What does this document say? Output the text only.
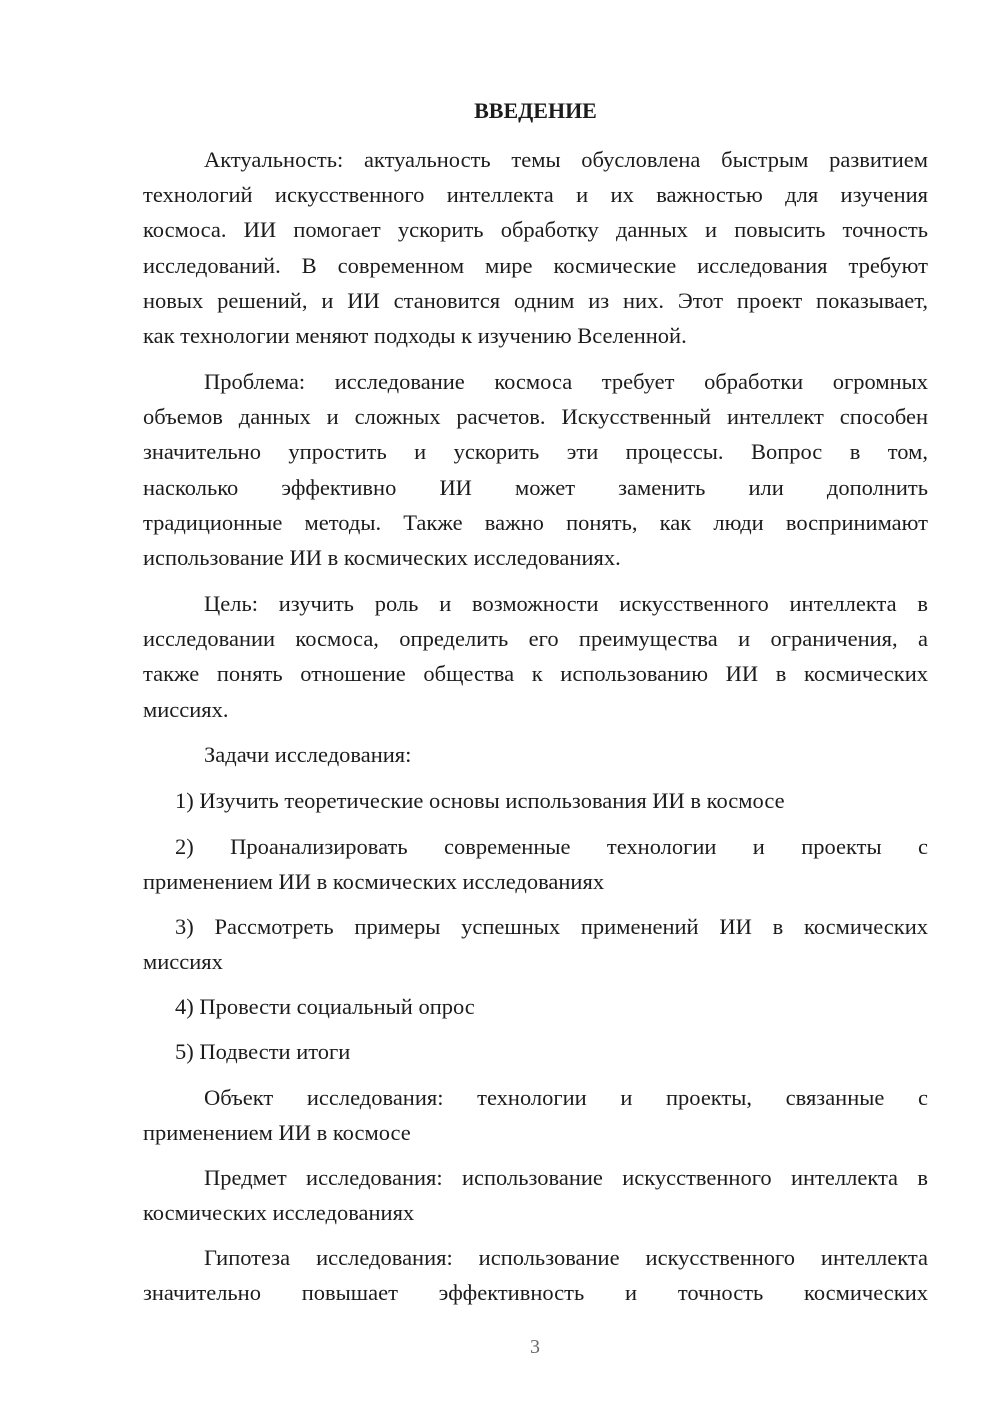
ВВЕДЕНИЕ
Актуальность: актуальность темы обусловлена быстрым развитием
технологий искусственного интеллекта и их важностью для изучения
космоса. ИИ помогает ускорить обработку данных и повысить точность
исследований. В современном мире космические исследования требуют
новых решений, и ИИ становится одним из них. Этот проект показывает,
как технологии меняют подходы к изучению Вселенной.
Проблема: исследование космоса требует обработки огромных
объемов данных и сложных расчетов. Искусственный интеллект способен
значительно упростить и ускорить эти процессы. Вопрос в том,
насколько эффективно ИИ может заменить или дополнить
традиционные методы. Также важно понять, как люди воспринимают
использование ИИ в космических исследованиях.
Цель: изучить роль и возможности искусственного интеллекта в
исследовании космоса, определить его преимущества и ограничения, а
также понять отношение общества к использованию ИИ в космических
миссиях.
Задачи исследования:
1) Изучить теоретические основы использования ИИ в космосе
2) Проанализировать современные технологии и проекты с
применением ИИ в космических исследованиях
3) Рассмотреть примеры успешных применений ИИ в космических
миссиях
4) Провести социальный опрос
5) Подвести итоги
Объект исследования: технологии и проекты, связанные с
применением ИИ в космосе
Предмет исследования: использование искусственного интеллекта в
космических исследованиях
Гипотеза исследования: использование искусственного интеллекта
значительно повышает эффективность и точность космических
3
